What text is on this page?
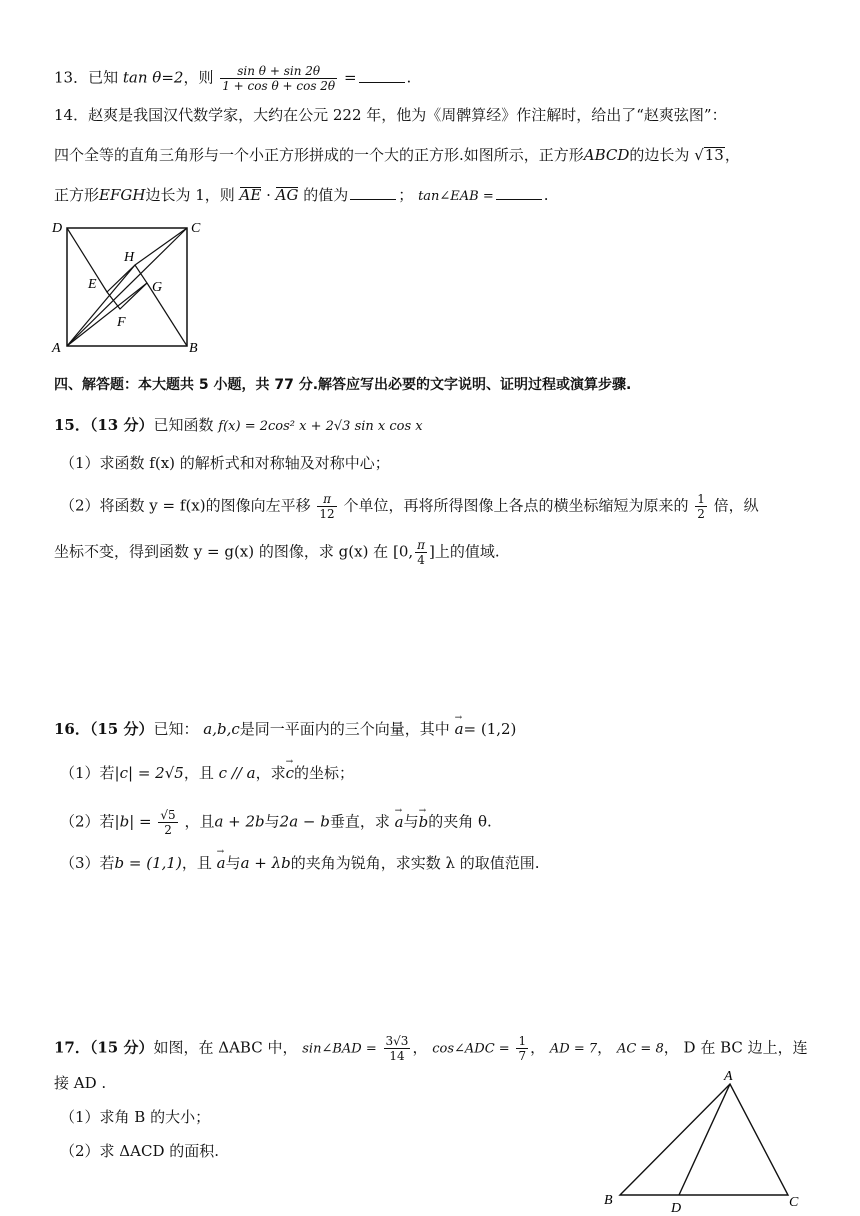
13．已知 tan θ=2，则 $\frac{\text{sin θ + sin 2θ}}{\text{1 + cos θ + cos 2θ}}$ =	.
14．赵爽是我国汉代数学家，大约在公元 222 年，他为《周髀算经》作注解时，给出了“赵爽弦图”：
四个全等的直角三角形与一个小正方形拼成的一个大的正方形.如图所示，正方形ABCD的边长为 √13，
正方形EFGH边长为 1，则 AE · AG 的值为	； tan∠EAB =	.
D	C
A	B
H
E	G
F
四、解答题：本大题共 5 小题，共 77 分.解答应写出必要的文字说明、证明过程或演算步骤.
15．（13 分）已知函数 f(x) = 2cos² x + 2√3 sin x cos x
（1）求函数 f(x) 的解析式和对称轴及对称中心；
（2）将函数 y = f(x)的图像向左平移 $\frac{\pi}{12}$ 个单位，再将所得图像上各点的横坐标缩短为原来的 $\frac{1}{2}$ 倍，纵
坐标不变，得到函数 y = g(x) 的图像，求 g(x) 在 [0, $\frac{\pi}{4}$ ]上的值域.
16．（15 分）已知： a,b,c是同一平面内的三个向量，其中 → a= (1,2)
（1）若|c| = 2√5，且 c // a，求→ c的坐标；
（2）若$|b| = \frac{√5}{2}$ ，且a + 2b与2a − b垂直，求 → a与→ b的夹角 θ.
（3）若b = (1,1)，且 → a与a + λb的夹角为锐角，求实数 λ 的取值范围.
17．（15 分）如图，在 ΔABC 中， sin∠BAD = $\frac{3√3}{14}$ ， cos∠ADC = $\frac{1}{7}$ ， AD = 7， AC = 8， D 在 BC 边上，连
接 AD .
（1）求角 B 的大小；
（2）求 ΔACD 的面积.
A
B	C
D
